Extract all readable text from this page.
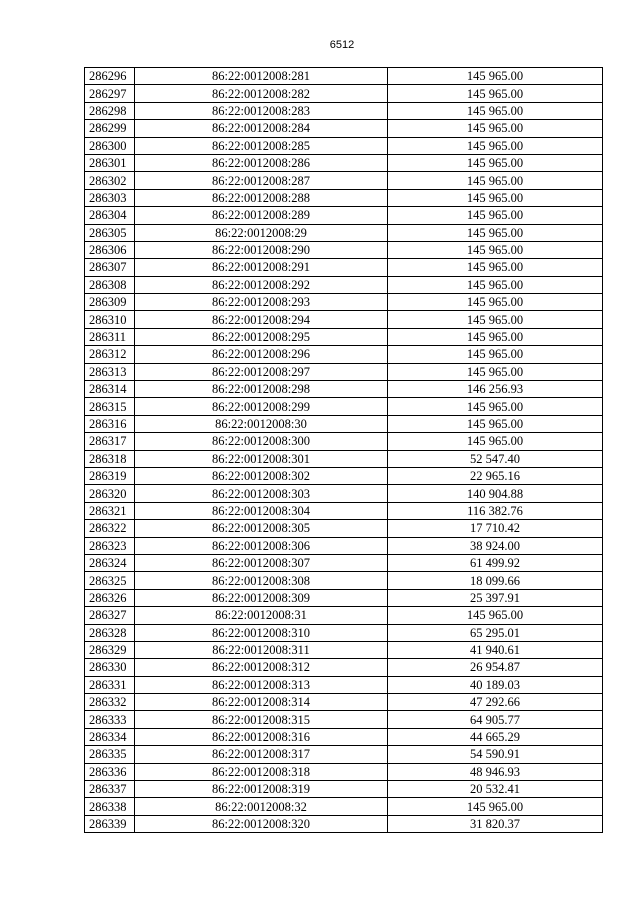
6512
286296	86:22:0012008:281	145 965.00
286297	86:22:0012008:282	145 965.00
286298	86:22:0012008:283	145 965.00
286299	86:22:0012008:284	145 965.00
286300	86:22:0012008:285	145 965.00
286301	86:22:0012008:286	145 965.00
286302	86:22:0012008:287	145 965.00
286303	86:22:0012008:288	145 965.00
286304	86:22:0012008:289	145 965.00
286305	86:22:0012008:29	145 965.00
286306	86:22:0012008:290	145 965.00
286307	86:22:0012008:291	145 965.00
286308	86:22:0012008:292	145 965.00
286309	86:22:0012008:293	145 965.00
286310	86:22:0012008:294	145 965.00
286311	86:22:0012008:295	145 965.00
286312	86:22:0012008:296	145 965.00
286313	86:22:0012008:297	145 965.00
286314	86:22:0012008:298	146 256.93
286315	86:22:0012008:299	145 965.00
286316	86:22:0012008:30	145 965.00
286317	86:22:0012008:300	145 965.00
286318	86:22:0012008:301	52 547.40
286319	86:22:0012008:302	22 965.16
286320	86:22:0012008:303	140 904.88
286321	86:22:0012008:304	116 382.76
286322	86:22:0012008:305	17 710.42
286323	86:22:0012008:306	38 924.00
286324	86:22:0012008:307	61 499.92
286325	86:22:0012008:308	18 099.66
286326	86:22:0012008:309	25 397.91
286327	86:22:0012008:31	145 965.00
286328	86:22:0012008:310	65 295.01
286329	86:22:0012008:311	41 940.61
286330	86:22:0012008:312	26 954.87
286331	86:22:0012008:313	40 189.03
286332	86:22:0012008:314	47 292.66
286333	86:22:0012008:315	64 905.77
286334	86:22:0012008:316	44 665.29
286335	86:22:0012008:317	54 590.91
286336	86:22:0012008:318	48 946.93
286337	86:22:0012008:319	20 532.41
286338	86:22:0012008:32	145 965.00
286339	86:22:0012008:320	31 820.37
